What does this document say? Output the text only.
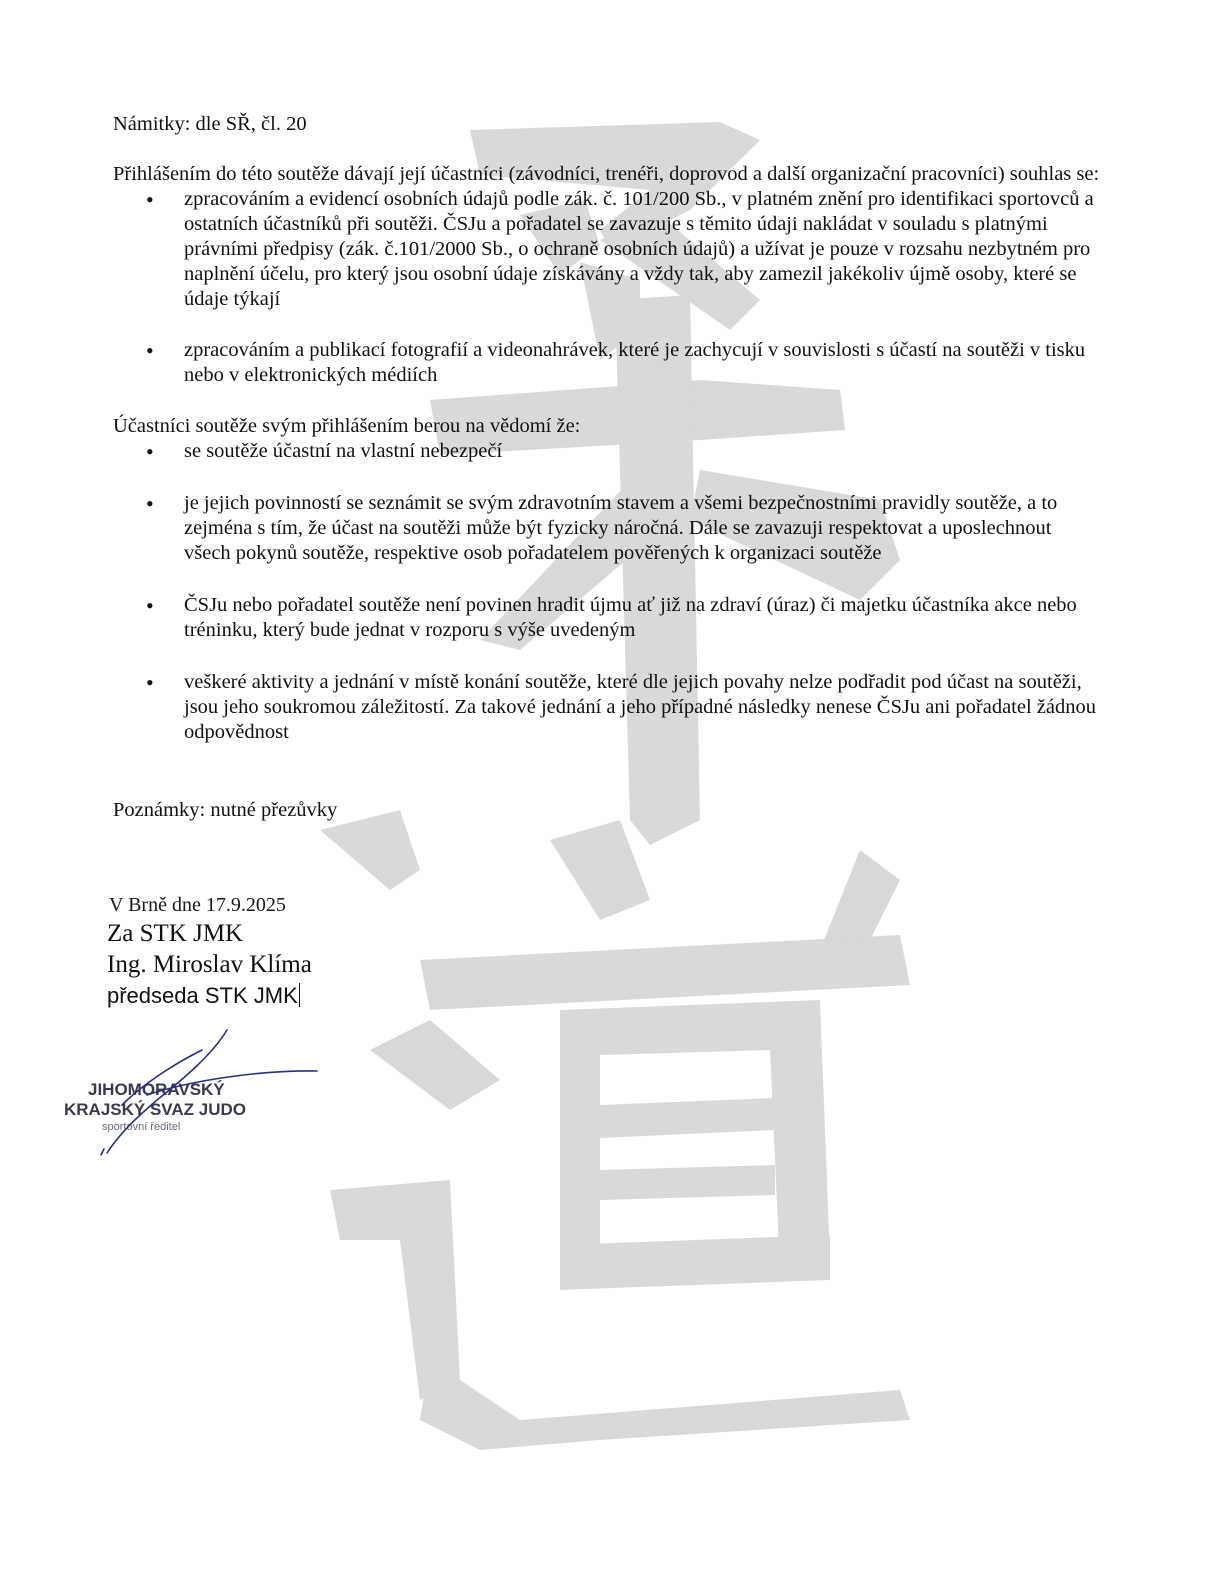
Námitky: dle SŘ, čl. 20

Přihlášením do této soutěže dávají její účastníci (závodníci, trenéři, doprovod a další organizační pracovníci) souhlas se:

• zpracováním a evidencí osobních údajů podle zák. č. 101/200 Sb., v platném znění pro identifikaci sportovců a ostatních účastníků při soutěži. ČSJu a pořadatel se zavazuje s těmito údaji nakládat v souladu s platnými právními předpisy (zák. č.101/2000 Sb., o ochraně osobních údajů) a užívat je pouze v rozsahu nezbytném pro naplnění účelu, pro který jsou osobní údaje získávány a vždy tak, aby zamezil jakékoliv újmě osoby, které se údaje týkají
• zpracováním a publikací fotografií a videonahrávek, které je zachycují v souvislosti s účastí na soutěži v tisku nebo v elektronických médiích

Účastníci soutěže svým přihlášením berou na vědomí že:

• se soutěže účastní na vlastní nebezpečí
• je jejich povinností se seznámit se svým zdravotním stavem a všemi bezpečnostními pravidly soutěže, a to zejména s tím, že účast na soutěži může být fyzicky náročná. Dále se zavazuji respektovat a uposlechnout všech pokynů soutěže, respektive osob pořadatelem pověřených k organizaci soutěže
• ČSJu nebo pořadatel soutěže není povinen hradit újmu ať již na zdraví (úraz) či majetku účastníka akce nebo tréninku, který bude jednat v rozporu s výše uvedeným
• veškeré aktivity a jednání v místě konání soutěže, které dle jejich povahy nelze podřadit pod účast na soutěži, jsou jeho soukromou záležitostí. Za takové jednání a jeho případné následky nenese ČSJu ani pořadatel žádnou odpovědnost

Poznámky: nutné přezůvky

V Brně dne 17.9.2025
Za STK JMK
Ing. Miroslav Klíma
předseda STK JMK
JIHOMORAVSKÝ
KRAJSKÝ SVAZ JUDO
sportovní ředitel
